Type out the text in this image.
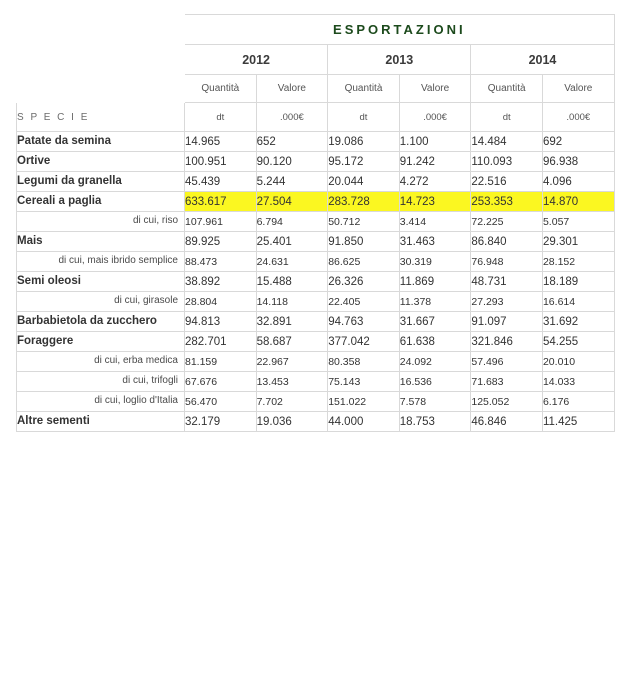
	ESPORTAZIONI					
	2012		2013		2014	
	Quantità	Valore	Quantità	Valore	Quantità	Valore
S P E C I E	dt	.000€	dt	.000€	dt	.000€
Patate da semina	14.965	652	19.086	1.100	14.484	692
Ortive	100.951	90.120	95.172	91.242	110.093	96.938
Legumi da granella	45.439	5.244	20.044	4.272	22.516	4.096
Cereali a paglia	633.617	27.504	283.728	14.723	253.353	14.870
di cui, riso	107.961	6.794	50.712	3.414	72.225	5.057
Mais	89.925	25.401	91.850	31.463	86.840	29.301
di cui, mais ibrido semplice	88.473	24.631	86.625	30.319	76.948	28.152
Semi oleosi	38.892	15.488	26.326	11.869	48.731	18.189
di cui, girasole	28.804	14.118	22.405	11.378	27.293	16.614
Barbabietola da zucchero	94.813	32.891	94.763	31.667	91.097	31.692
Foraggere	282.701	58.687	377.042	61.638	321.846	54.255
di cui, erba medica	81.159	22.967	80.358	24.092	57.496	20.010
di cui, trifogli	67.676	13.453	75.143	16.536	71.683	14.033
di cui, loglio d'Italia	56.470	7.702	151.022	7.578	125.052	6.176
Altre sementi	32.179	19.036	44.000	18.753	46.846	11.425
